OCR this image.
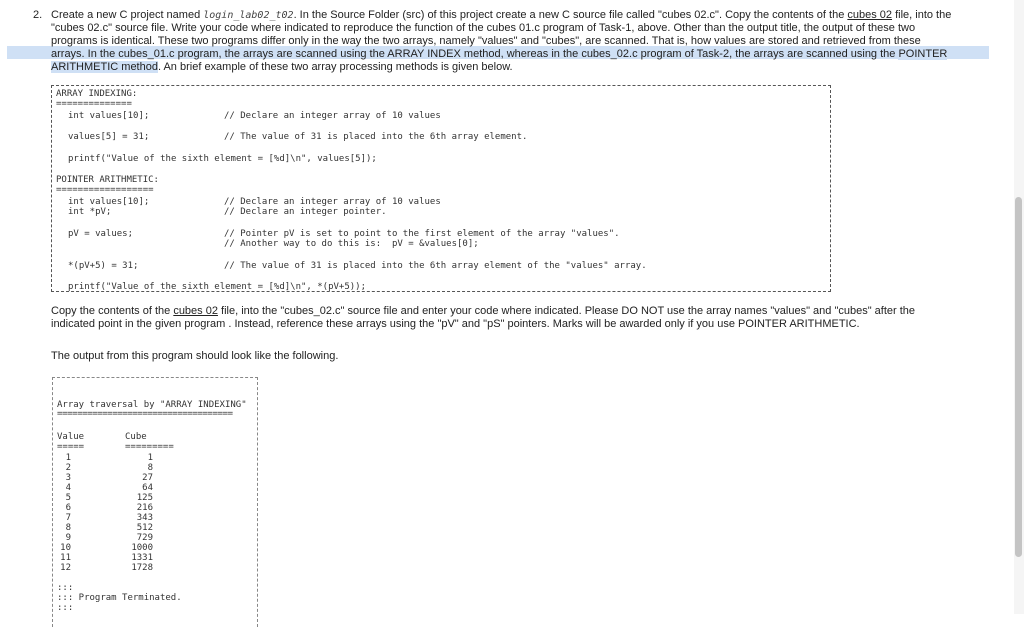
2. Create a new C project named login_lab02_t02. In the Source Folder (src) of this project create a new C source file called "cubes 02.c". Copy the contents of the cubes 02 file, into the
"cubes 02.c" source file. Write your code where indicated to reproduce the function of the cubes 01.c program of Task-1, above. Other than the output title, the output of these two
programs is identical. These two programs differ only in the way the two arrays, namely "values" and "cubes", are scanned. That is, how values are stored and retrieved from these
arrays. In the cubes_01.c program, the arrays are scanned using the ARRAY INDEX method, whereas in the cubes_02.c program of Task-2, the arrays are scanned using the POINTER
ARITHMETIC method. An brief example of these two array processing methods is given below.
ARRAY INDEXING:
==============
int values[10];	// Declare an integer array of 10 values
values[5] = 31;	// The value of 31 is placed into the 6th array element.
printf("Value of the sixth element = [%d]\n", values[5]);
POINTER ARITHMETIC:
==================
int values[10];	// Declare an integer array of 10 values
int *pV;	// Declare an integer pointer.
pV = values;	// Pointer pV is set to point to the first element of the array "values".
// Another way to do this is:  pV = &values[0];
*(pV+5) = 31;	// The value of 31 is placed into the 6th array element of the "values" array.
printf("Value of the sixth element = [%d]\n", *(pV+5));
Copy the contents of the cubes 02 file, into the "cubes_02.c" source file and enter your code where indicated. Please DO NOT use the array names "values" and "cubes" after the
indicated point in the given program . Instead, reference these arrays using the "pV" and "pS" pointers. Marks will be awarded only if you use POINTER ARITHMETIC.
The output from this program should look like the following.
Array traversal by "ARRAY INDEXING"
===================================
Value	Cube
=====	=========
1	1
2	8
3	27
4	64
5	125
6	216
7	343
8	512
9	729
10	1000
11	1331
12	1728
:::
::: Program Terminated.
:::
